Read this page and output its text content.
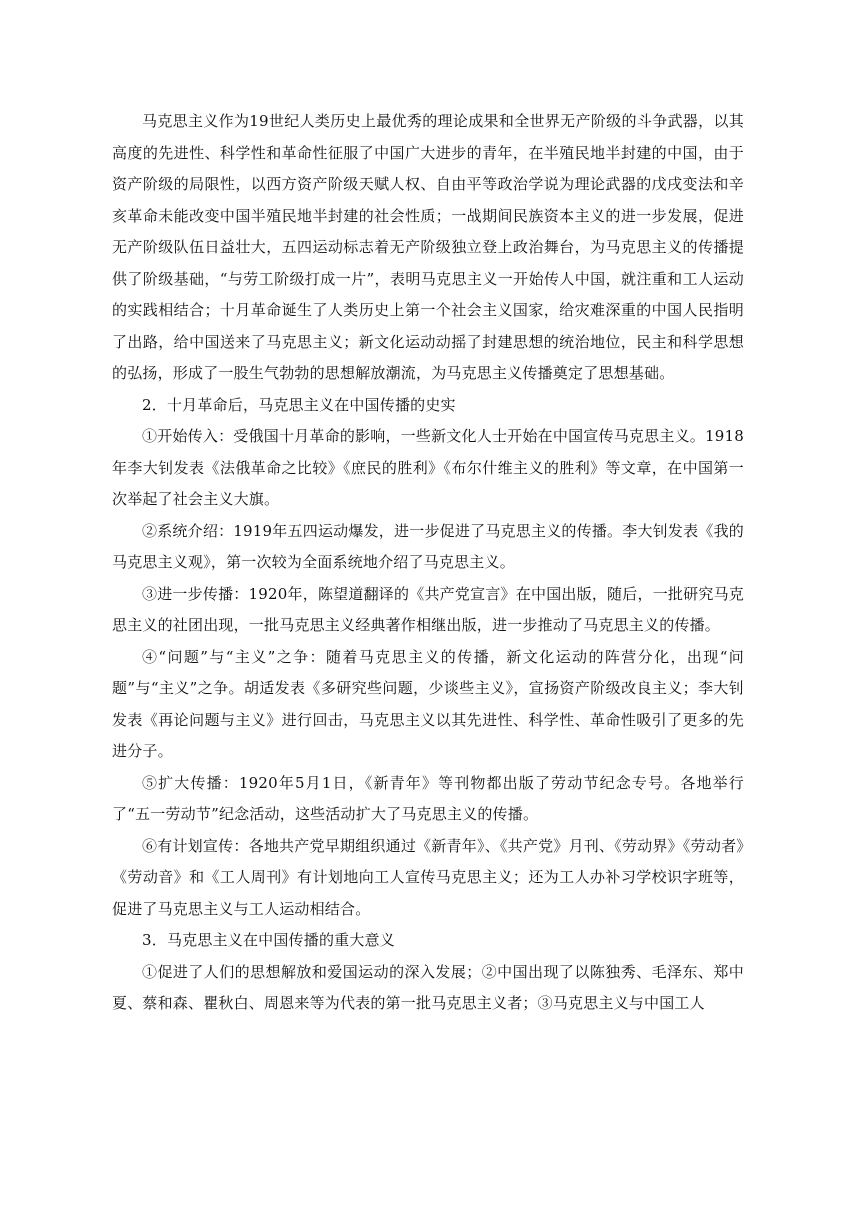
马克思主义作为19世纪人类历史上最优秀的理论成果和全世界无产阶级的斗争武器，以其高度的先进性、科学性和革命性征服了中国广大进步的青年，在半殖民地半封建的中国，由于资产阶级的局限性，以西方资产阶级天赋人权、自由平等政治学说为理论武器的戊戌变法和辛亥革命未能改变中国半殖民地半封建的社会性质；一战期间民族资本主义的进一步发展，促进无产阶级队伍日益壮大，五四运动标志着无产阶级独立登上政治舞台，为马克思主义的传播提供了阶级基础，“与劳工阶级打成一片”，表明马克思主义一开始传人中国，就注重和工人运动的实践相结合；十月革命诞生了人类历史上第一个社会主义国家，给灾难深重的中国人民指明了出路，给中国送来了马克思主义；新文化运动动摇了封建思想的统治地位，民主和科学思想的弘扬，形成了一股生气勃勃的思想解放潮流，为马克思主义传播奠定了思想基础。

2．十月革命后，马克思主义在中国传播的史实

①开始传入：受俄国十月革命的影响，一些新文化人士开始在中国宣传马克思主义。1918年李大钊发表《法俄革命之比较》《庶民的胜利》《布尔什维主义的胜利》等文章，在中国第一次举起了社会主义大旗。

②系统介绍：1919年五四运动爆发，进一步促进了马克思主义的传播。李大钊发表《我的马克思主义观》，第一次较为全面系统地介绍了马克思主义。

③进一步传播：1920年，陈望道翻译的《共产党宣言》在中国出版，随后，一批研究马克思主义的社团出现，一批马克思主义经典著作相继出版，进一步推动了马克思主义的传播。

④“问题”与“主义”之争：随着马克思主义的传播，新文化运动的阵营分化，出现“问题”与“主义”之争。胡适发表《多研究些问题，少谈些主义》，宣扬资产阶级改良主义；李大钊发表《再论问题与主义》进行回击，马克思主义以其先进性、科学性、革命性吸引了更多的先进分子。

⑤扩大传播：1920年5月1日，《新青年》等刊物都出版了劳动节纪念专号。各地举行了“五一劳动节”纪念活动，这些活动扩大了马克思主义的传播。

⑥有计划宣传：各地共产党早期组织通过《新青年》、《共产党》月刊、《劳动界》《劳动者》《劳动音》和《工人周刊》有计划地向工人宣传马克思主义；还为工人办补习学校识字班等，促进了马克思主义与工人运动相结合。

3．马克思主义在中国传播的重大意义

①促进了人们的思想解放和爱国运动的深入发展；②中国出现了以陈独秀、毛泽东、郑中夏、蔡和森、瞿秋白、周恩来等为代表的第一批马克思主义者；③马克思主义与中国工人
